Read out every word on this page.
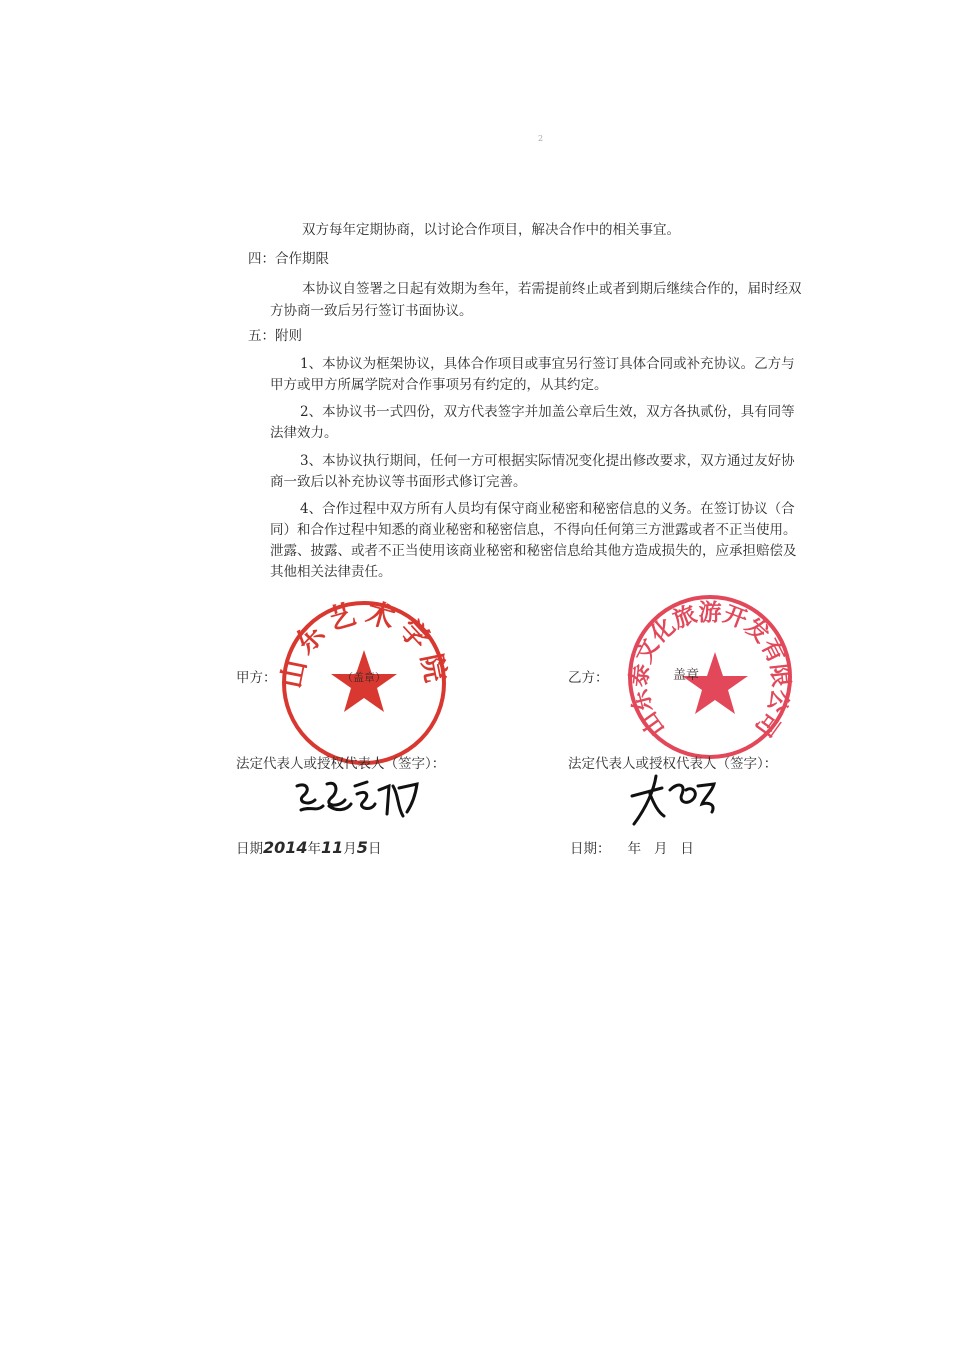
2
双方每年定期协商，以讨论合作项目，解决合作中的相关事宜。
四：合作期限
本协议自签署之日起有效期为叁年，若需提前终止或者到期后继续合作的，届时经双
方协商一致后另行签订书面协议。
五：附则
1、本协议为框架协议，具体合作项目或事宜另行签订具体合同或补充协议。乙方与
甲方或甲方所属学院对合作事项另有约定的，从其约定。
2、本协议书一式四份，双方代表签字并加盖公章后生效，双方各执贰份，具有同等
法律效力。
3、本协议执行期间，任何一方可根据实际情况变化提出修改要求，双方通过友好协
商一致后以补充协议等书面形式修订完善。
4、合作过程中双方所有人员均有保守商业秘密和秘密信息的义务。在签订协议（合
同）和合作过程中知悉的商业秘密和秘密信息，不得向任何第三方泄露或者不正当使用。
泄露、披露、或者不正当使用该商业秘密和秘密信息给其他方造成损失的，应承担赔偿及
其他相关法律责任。
甲方：
东艺术学
（盖章）
法定代表人或授权代表人（签字）：
日期2014年11月5日
乙方：
山东泰文化旅游开发有限公司
盖章
法定代表人或授权代表人（签字）：
日期：    年   月   日
